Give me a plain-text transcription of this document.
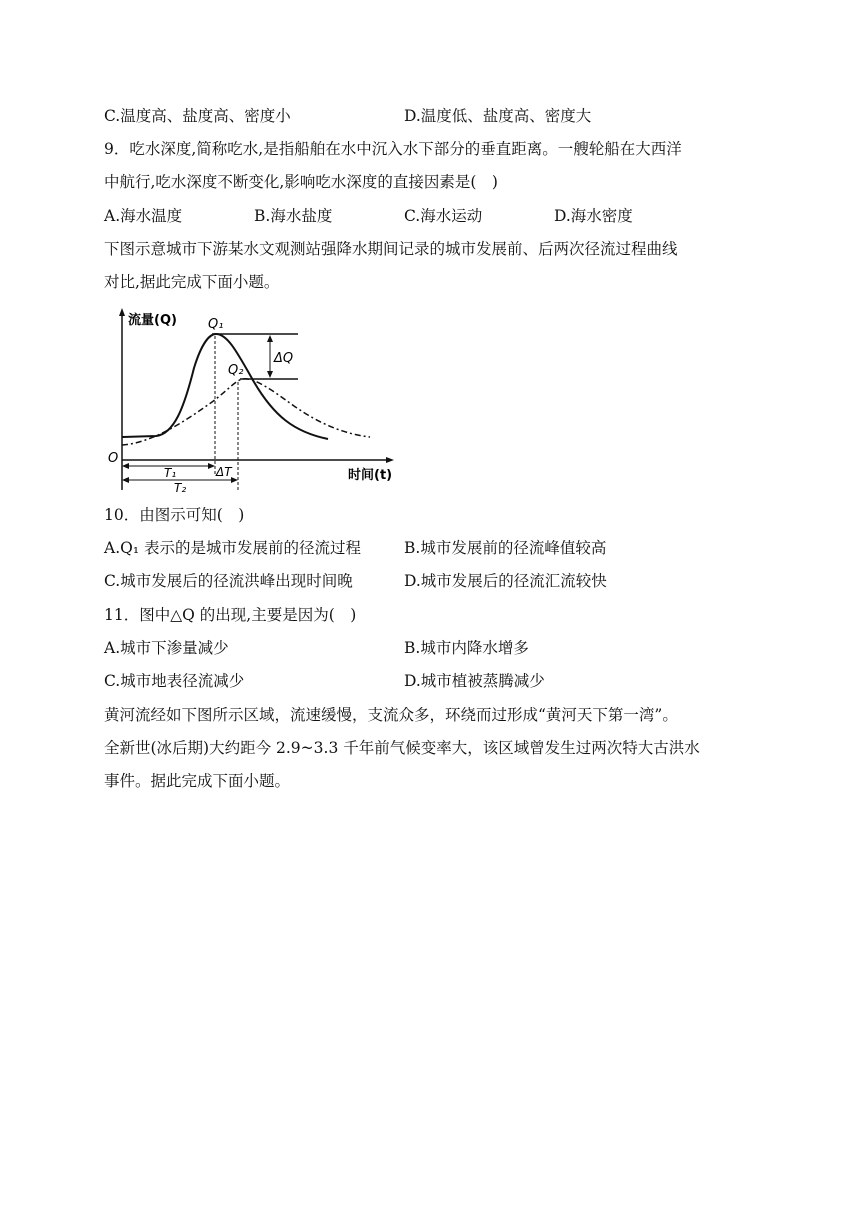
C.温度高、盐度高、密度小	D.温度低、盐度高、密度大
9．吃水深度,简称吃水,是指船舶在水中沉入水下部分的垂直距离。一艘轮船在大西洋
中航行,吃水深度不断变化,影响吃水深度的直接因素是(　)
A.海水温度	B.海水盐度	C.海水运动	D.海水密度
下图示意城市下游某水文观测站强降水期间记录的城市发展前、后两次径流过程曲线
对比,据此完成下面小题。
流量(Q)
时间(t)
O
ΔQ
Q₁
Q₂
T₁
T₂
ΔT
10．由图示可知(　)
A.Q₁ 表示的是城市发展前的径流过程	B.城市发展前的径流峰值较高
C.城市发展后的径流洪峰出现时间晚	D.城市发展后的径流汇流较快
11．图中△Q 的出现,主要是因为(　)
A.城市下渗量减少	B.城市内降水增多
C.城市地表径流减少	D.城市植被蒸腾减少
黄河流经如下图所示区域，流速缓慢，支流众多，环绕而过形成“黄河天下第一湾”。
全新世(冰后期)大约距今 2.9~3.3 千年前气候变率大，该区域曾发生过两次特大古洪水
事件。据此完成下面小题。
